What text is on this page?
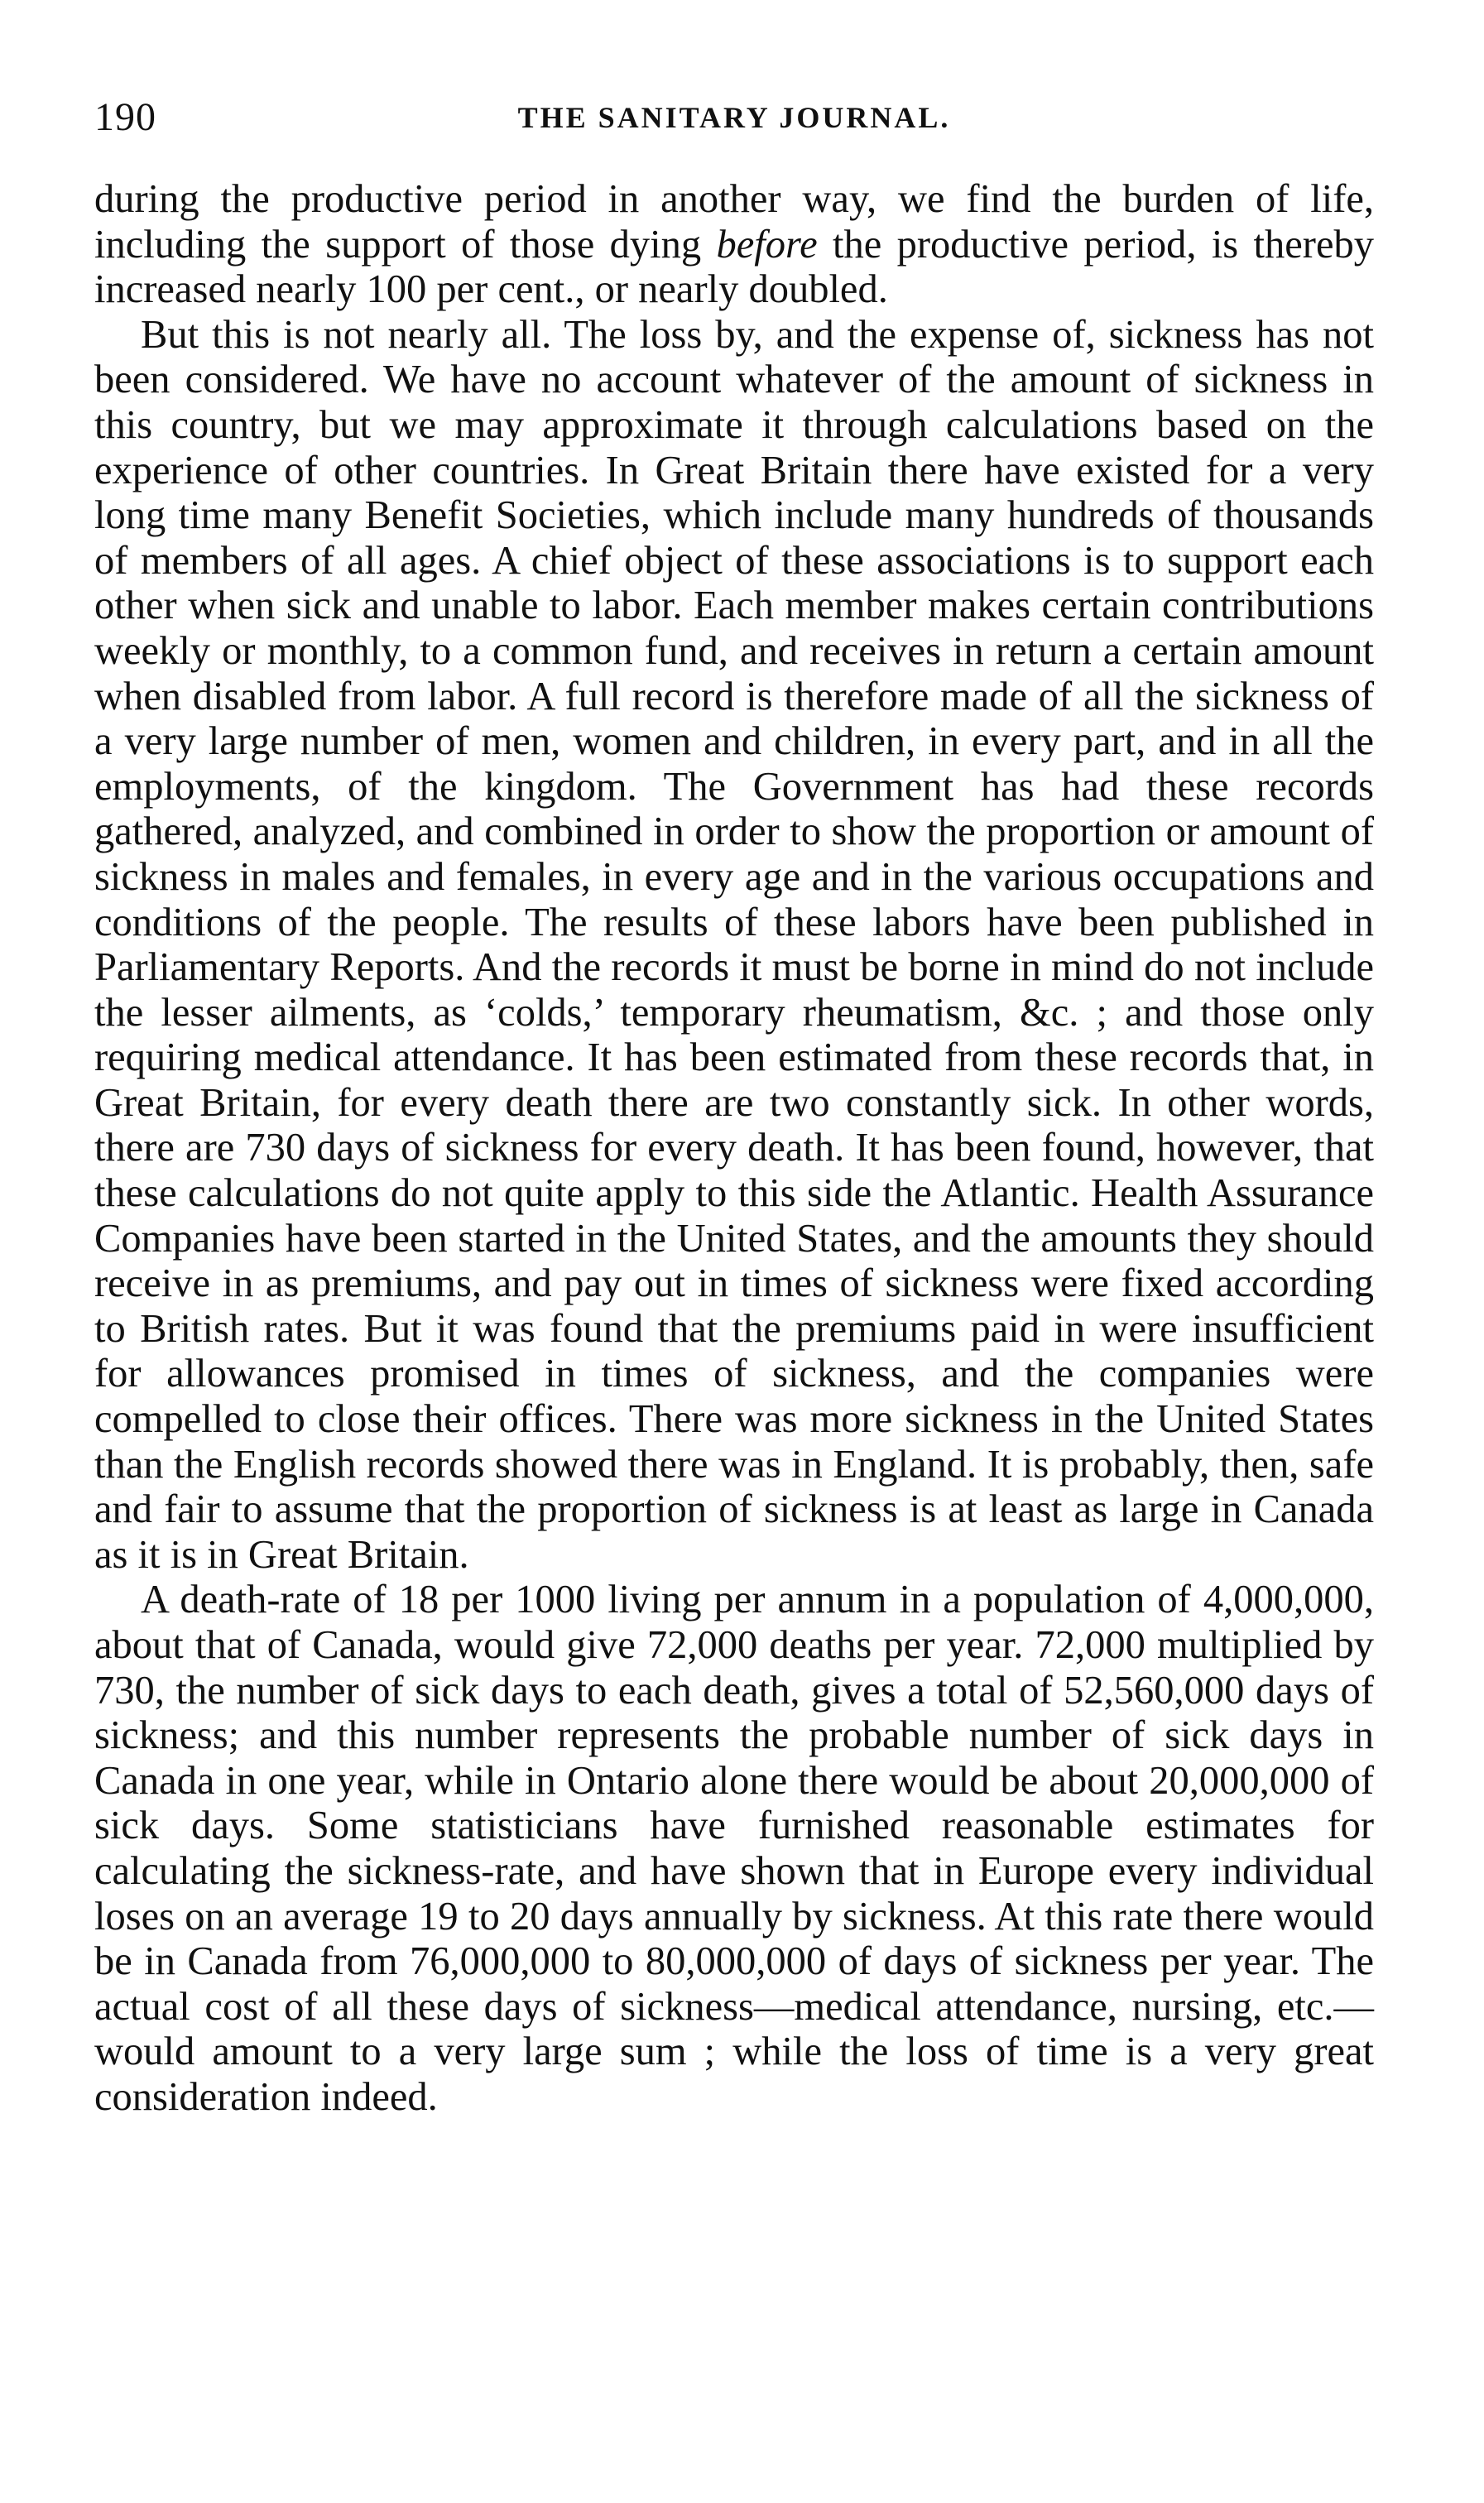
190	THE SANITARY JOURNAL.

during the productive period in another way, we find the burden of life, including the support of those dying before the productive period, is thereby increased nearly 100 per cent., or nearly doubled.

But this is not nearly all. The loss by, and the expense of, sickness has not been considered. We have no account whatever of the amount of sickness in this country, but we may approximate it through calculations based on the experience of other countries. In Great Britain there have existed for a very long time many Benefit Societies, which include many hundreds of thousands of members of all ages. A chief object of these associations is to support each other when sick and unable to labor. Each member makes certain contributions weekly or monthly, to a common fund, and receives in return a certain amount when disabled from labor. A full record is therefore made of all the sickness of a very large number of men, women and children, in every part, and in all the employments, of the kingdom. The Government has had these records gathered, analyzed, and combined in order to show the proportion or amount of sickness in males and females, in every age and in the various occupations and conditions of the people. The results of these labors have been published in Parliamentary Reports. And the records it must be borne in mind do not include the lesser ailments, as ‘colds,’ temporary rheumatism, &c. ; and those only requiring medical attendance. It has been estimated from these records that, in Great Britain, for every death there are two constantly sick. In other words, there are 730 days of sickness for every death. It has been found, however, that these calculations do not quite apply to this side the Atlantic. Health Assurance Companies have been started in the United States, and the amounts they should receive in as premiums, and pay out in times of sickness were fixed according to British rates. But it was found that the premiums paid in were insufficient for allowances promised in times of sickness, and the companies were compelled to close their offices. There was more sickness in the United States than the English records showed there was in England. It is probably, then, safe and fair to assume that the proportion of sickness is at least as large in Canada as it is in Great Britain.

A death-rate of 18 per 1000 living per annum in a population of 4,000,000, about that of Canada, would give 72,000 deaths per year. 72,000 multiplied by 730, the number of sick days to each death, gives a total of 52,560,000 days of sickness; and this number represents the probable number of sick days in Canada in one year, while in Ontario alone there would be about 20,000,000 of sick days. Some statisticians have furnished reasonable estimates for calculating the sickness-rate, and have shown that in Europe every individual loses on an average 19 to 20 days annually by sickness. At this rate there would be in Canada from 76,000,000 to 80,000,000 of days of sickness per year. The actual cost of all these days of sickness—medical attendance, nursing, etc.—would amount to a very large sum ; while the loss of time is a very great consideration indeed.
